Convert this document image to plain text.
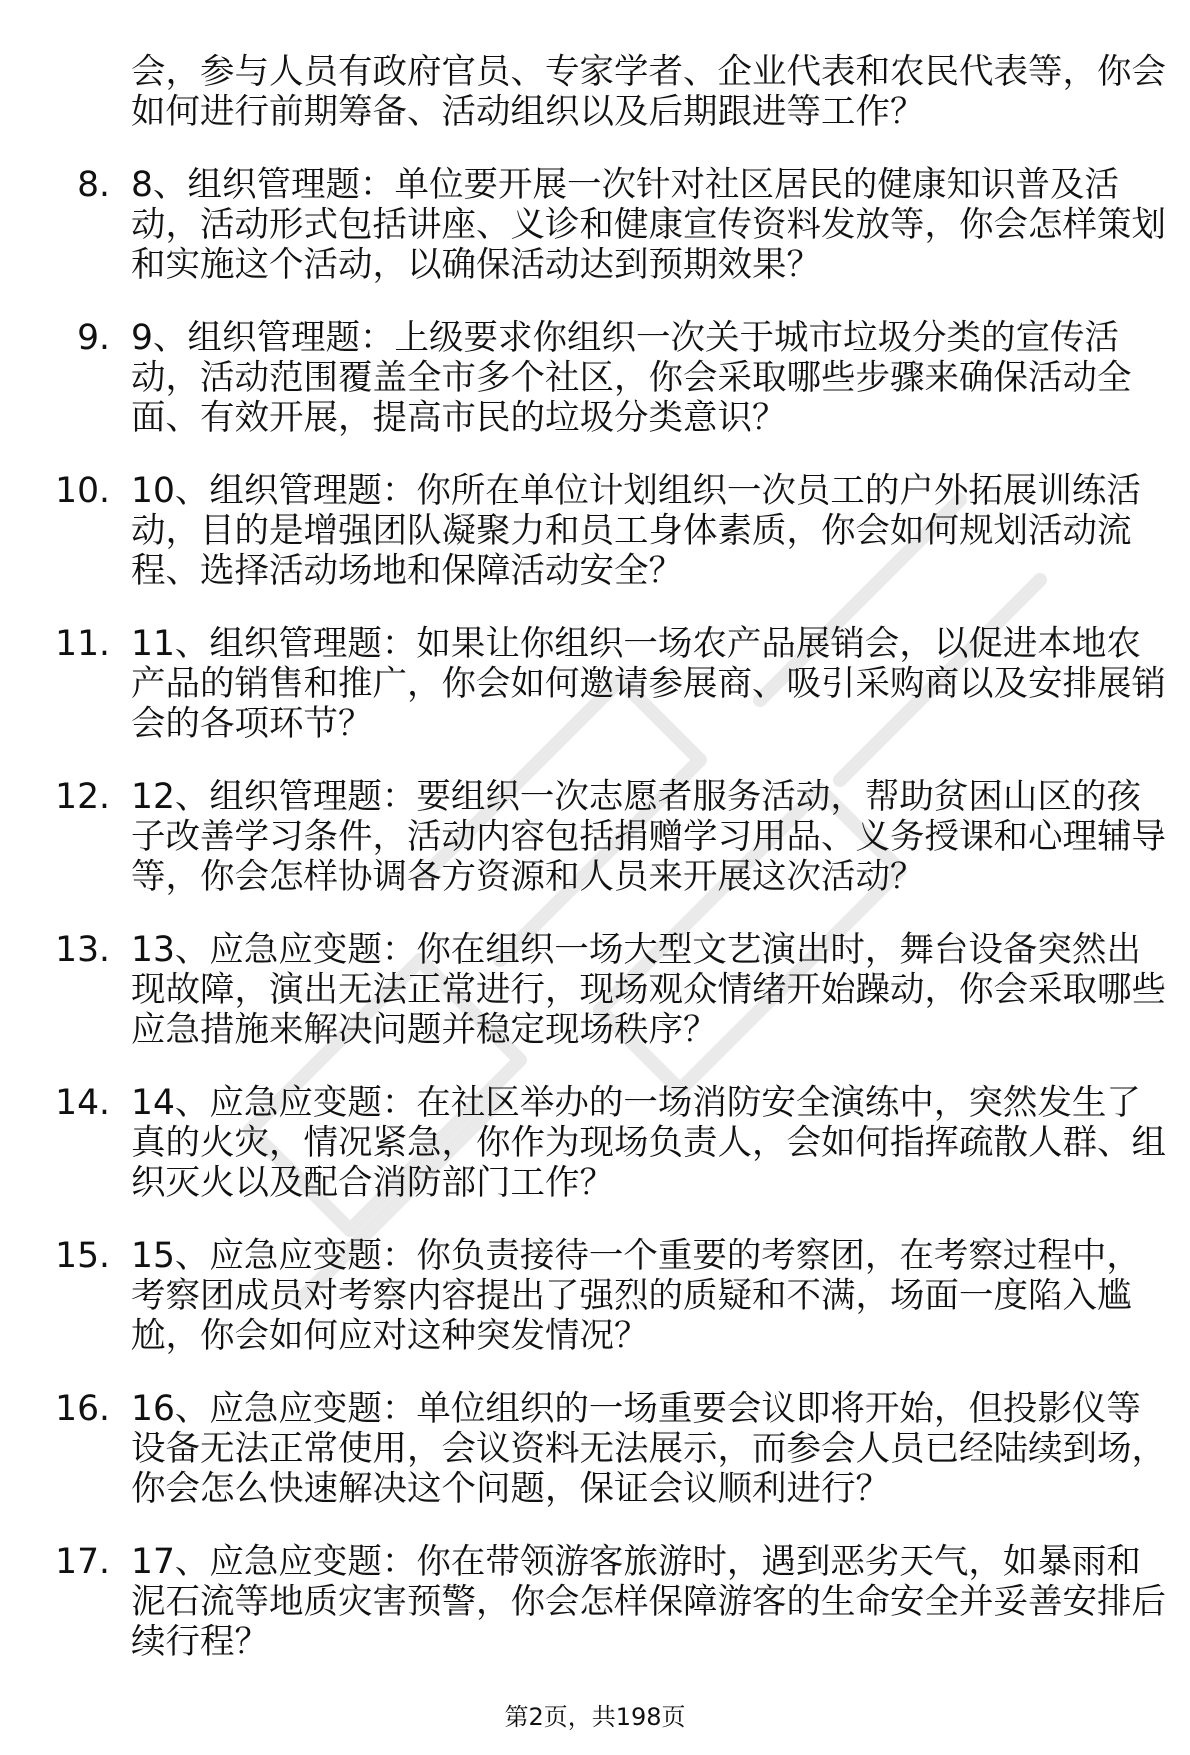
会，参与人员有政府官员、专家学者、企业代表和农民代表等，你会如何进行前期筹备、活动组织以及后期跟进等工作？
8. 8、组织管理题：单位要开展一次针对社区居民的健康知识普及活动，活动形式包括讲座、义诊和健康宣传资料发放等，你会怎样策划和实施这个活动，以确保活动达到预期效果？
9. 9、组织管理题：上级要求你组织一次关于城市垃圾分类的宣传活动，活动范围覆盖全市多个社区，你会采取哪些步骤来确保活动全面、有效开展，提高市民的垃圾分类意识？
10. 10、组织管理题：你所在单位计划组织一次员工的户外拓展训练活动，目的是增强团队凝聚力和员工身体素质，你会如何规划活动流程、选择活动场地和保障活动安全？
11. 11、组织管理题：如果让你组织一场农产品展销会，以促进本地农产品的销售和推广，你会如何邀请参展商、吸引采购商以及安排展销会的各项环节？
12. 12、组织管理题：要组织一次志愿者服务活动，帮助贫困山区的孩子改善学习条件，活动内容包括捐赠学习用品、义务授课和心理辅导等，你会怎样协调各方资源和人员来开展这次活动？
13. 13、应急应变题：你在组织一场大型文艺演出时，舞台设备突然出现故障，演出无法正常进行，现场观众情绪开始躁动，你会采取哪些应急措施来解决问题并稳定现场秩序？
14. 14、应急应变题：在社区举办的一场消防安全演练中，突然发生了真的火灾，情况紧急，你作为现场负责人，会如何指挥疏散人群、组织灭火以及配合消防部门工作？
15. 15、应急应变题：你负责接待一个重要的考察团，在考察过程中，考察团成员对考察内容提出了强烈的质疑和不满，场面一度陷入尴尬，你会如何应对这种突发情况？
16. 16、应急应变题：单位组织的一场重要会议即将开始，但投影仪等设备无法正常使用，会议资料无法展示，而参会人员已经陆续到场，你会怎么快速解决这个问题，保证会议顺利进行？
17. 17、应急应变题：你在带领游客旅游时，遇到恶劣天气，如暴雨和泥石流等地质灾害预警，你会怎样保障游客的生命安全并妥善安排后续行程？
第2页，共198页
